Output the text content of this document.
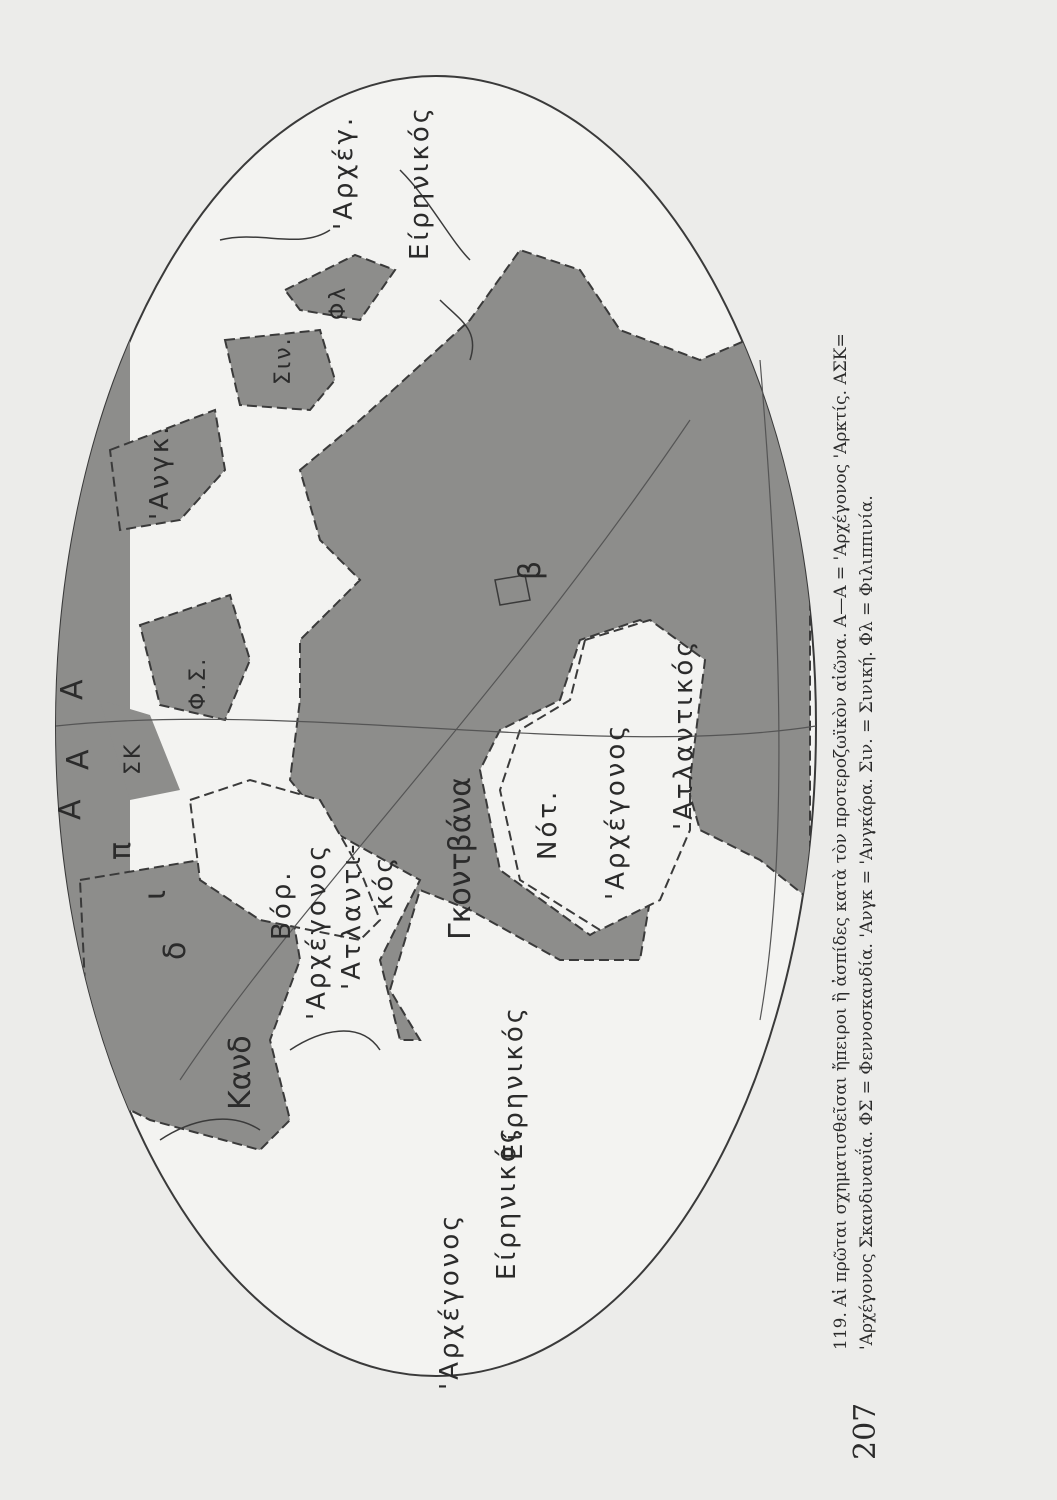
'Αρχέγονος
Είρηνικός
Είρηνικός
'Αρχέγ. Είρηνικός
Βόρ. 'Αρχέγονος 'Ατλαντι- κός
Νότ. 'Αρχέγονος 'Ατλαντικός
'Ανγκ.
Σιν.
Φλ
Φ.Σ.
Α
Α
Α
ΣΚ
Κανδ
Γκοντβάνα
β
δ
ι
π	119. Αἱ πρῶται σχηματισθεῖσαι ἤπειροι ἢ ἀσπίδες κατὰ τὸν προτεροζωϊκὸν αἰῶνα. Α—Α = 'Αρχέγονος 'Αρκτίς. ΑΣΚ= 'Αρχέγονος Σκανδιναυΐα. ΦΣ = Φεννοσκανδία. 'Ανγκ = 'Ανγκάρα. Σιν. = Σινική. Φλ = Φιλιππινία.

207
